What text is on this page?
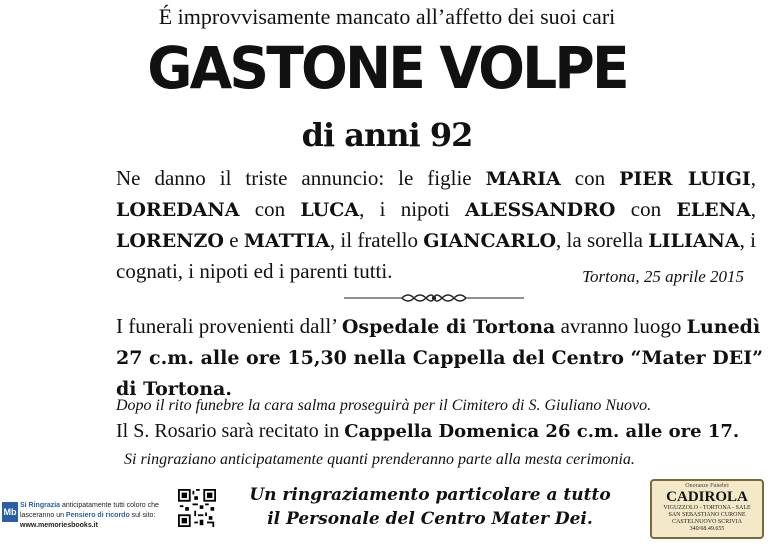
É improvvisamente mancato all’affetto dei suoi cari
GASTONE VOLPE
di anni 92
Ne danno il triste annuncio: le figlie MARIA con PIER LUIGI, LOREDANA con LUCA, i nipoti ALESSANDRO con ELENA, LORENZO e MATTIA, il fratello GIANCARLO, la sorella LILIANA, i cognati, i nipoti ed i parenti tutti.	Tortona, 25 aprile 2015
I funerali provenienti dall’ Ospedale di Tortona avranno luogo Lunedì 27 c.m. alle ore 15,30 nella Cappella del Centro “Mater DEI” di Tortona.
Dopo il rito funebre la cara salma proseguirà per il Cimitero di S. Giuliano Nuovo.
Il S. Rosario sarà recitato in Cappella Domenica 26 c.m. alle ore 17.
Si ringraziano anticipatamente quanti prenderanno parte alla mesta cerimonia.
Un ringraziamento particolare a tutto
il Personale del Centro Mater Dei.
Mb
Si Ringrazia anticipatamente tutti coloro che lasceranno un Pensiero di ricordo sul sito: www.memoriesbooks.it
Onoranze Funebri
CADIROLA
VIGUZZOLO - TORTONA - SALE
SAN SEBASTIANO CURONE
CASTELNUOVO SCRIVIA
340/68.49.655
